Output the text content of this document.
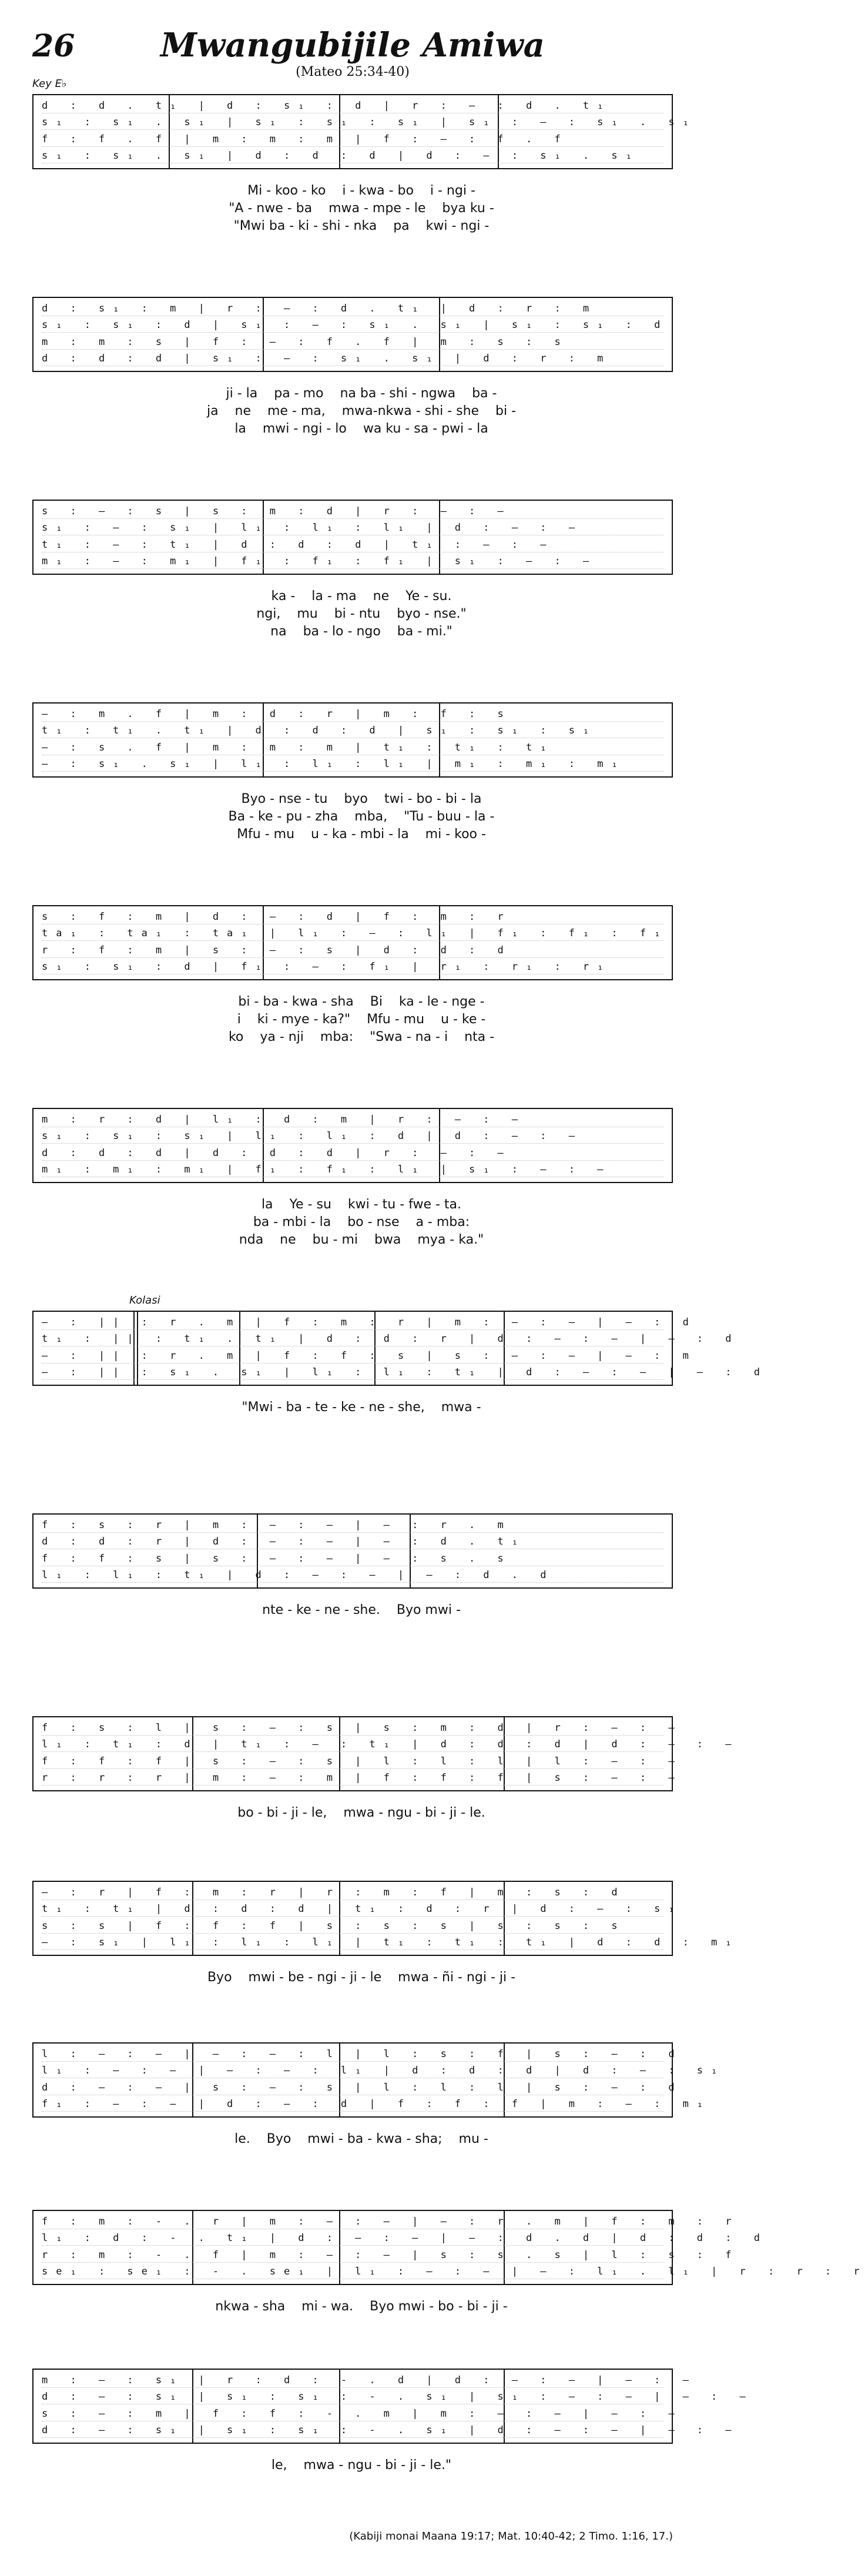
26	Mwangubijile Amiwa
(Mateo 25:34-40)
Key E♭
d : d . t₁ | d : s₁ : d | r : — : d . t₁
s₁ : s₁ . s₁ | s₁ : s₁ : s₁ | s₁ : — : s₁ . s₁
f : f . f | m : m : m | f : — : f . f
s₁ : s₁ . s₁ | d : d : d | d : — : s₁ . s₁
Mi - koo - ko    i - kwa - bo    i - ngi -
"A - nwe - ba    mwa - mpe - le    bya ku -
"Mwi ba - ki - shi - nka    pa    kwi - ngi -
d : s₁ : m | r : — : d . t₁ | d : r : m
s₁ : s₁ : d | s₁ : — : s₁ . s₁ | s₁ : s₁ : d
m : m : s | f : — : f . f | m : s : s
d : d : d | s₁ : — : s₁ . s₁ | d : r : m
ji - la    pa - mo    na ba - shi - ngwa    ba -
ja    ne    me - ma,    mwa-nkwa - shi - she    bi -
la    mwi - ngi - lo    wa ku - sa - pwi - la
s : — : s | s : m : d | r : — : —
s₁ : — : s₁ | l₁ : l₁ : l₁ | d : — : —
t₁ : — : t₁ | d : d : d | t₁ : — : —
m₁ : — : m₁ | f₁ : f₁ : f₁ | s₁ : — : —
ka -    la - ma    ne    Ye - su.
ngi,    mu    bi - ntu    byo - nse."
na    ba - lo - ngo    ba - mi."
— : m . f | m : d : r | m : f : s
t₁ : t₁ . t₁ | d : d : d | s₁ : s₁ : s₁
— : s . f | m : m : m | t₁ : t₁ : t₁
— : s₁ . s₁ | l₁ : l₁ : l₁ | m₁ : m₁ : m₁
Byo - nse - tu    byo    twi - bo - bi - la
Ba - ke - pu - zha    mba,    "Tu - buu - la -
Mfu - mu    u - ka - mbi - la    mi - koo -
s : f : m | d : — : d | f : m : r
ta₁ : ta₁ : ta₁ | l₁ : — : l₁ | f₁ : f₁ : f₁
r : f : m | s : — : s | d : d : d
s₁ : s₁ : d | f₁ : — : f₁ | r₁ : r₁ : r₁
bi - ba - kwa - sha    Bi    ka - le - nge -
i    ki - mye - ka?"    Mfu - mu    u - ke -
ko    ya - nji    mba:    "Swa - na - i    nta -
m : r : d | l₁ : d : m | r : — : —
s₁ : s₁ : s₁ | l₁ : l₁ : d | d : — : —
d : d : d | d : d : d | r : — : —
m₁ : m₁ : m₁ | f₁ : f₁ : l₁ | s₁ : — : —
la    Ye - su    kwi - tu - fwe - ta.
ba - mbi - la    bo - nse    a - mba:
nda    ne    bu - mi    bwa    mya - ka."
Kolasi
— : || : r . m | f : m : r | m : — : — | — : d
t₁ : || : t₁ . t₁ | d : d : r | d : — : — | — : d
— : || : r . m | f : f : s | s : — : — | — : m
— : || : s₁ . s₁ | l₁ : l₁ : t₁ | d : — : — | — : d
"Mwi - ba - te - ke - ne - she,    mwa -
f : s : r | m : — : — | — : r . m
d : d : r | d : — : — | — : d . t₁
f : f : s | s : — : — | — : s . s
l₁ : l₁ : t₁ | d : — : — | — : d . d
nte - ke - ne - she.    Byo mwi -
f : s : l | s : — : s | s : m : d | r : — : —
l₁ : t₁ : d | t₁ : — : t₁ | d : d : d | d : — : —
f : f : f | s : — : s | l : l : l | l : — : —
r : r : r | m : — : m | f : f : f | s : — : —
bo - bi - ji - le,    mwa - ngu - bi - ji - le.
— : r | f : m : r | r : m : f | m : s : d
t₁ : t₁ | d : d : d | t₁ : d : r | d : — : s₁
s : s | f : f : f | s : s : s | s : s : s
— : s₁ | l₁ : l₁ : l₁ | t₁ : t₁ : t₁ | d : d : m₁
Byo    mwi - be - ngi - ji - le    mwa - ñi - ngi - ji -
l : — : — | — : — : l | l : s : f | s : — : d
l₁ : — : — | — : — : l₁ | d : d : d | d : — : s₁
d : — : — | s : — : s | l : l : l | s : — : d
f₁ : — : — | d : — : d | f : f : f | m : — : m₁
le.    Byo    mwi - ba - kwa - sha;    mu -
f : m : - . r | m : — : — | — : r . m | f : m : r
l₁ : d : - . t₁ | d : — : — | — : d . d | d : d : d
r : m : - . f | m : — : — | s : s . s | l : s : f
se₁ : se₁ : - . se₁ | l₁ : — : — | — : l₁ . l₁ | r : r : r
nkwa - sha    mi - wa.    Byo mwi - bo - bi - ji -
m : — : s₁ | r : d : - . d | d : — : — | — : —
d : — : s₁ | s₁ : s₁ : - . s₁ | s₁ : — : — | — : —
s : — : m | f : f : - . m | m : — : — | — : —
d : — : s₁ | s₁ : s₁ : - . s₁ | d : — : — | — : —
le,    mwa - ngu - bi - ji - le."
(Kabiji monai Maana 19:17; Mat. 10:40-42; 2 Timo. 1:16, 17.)
